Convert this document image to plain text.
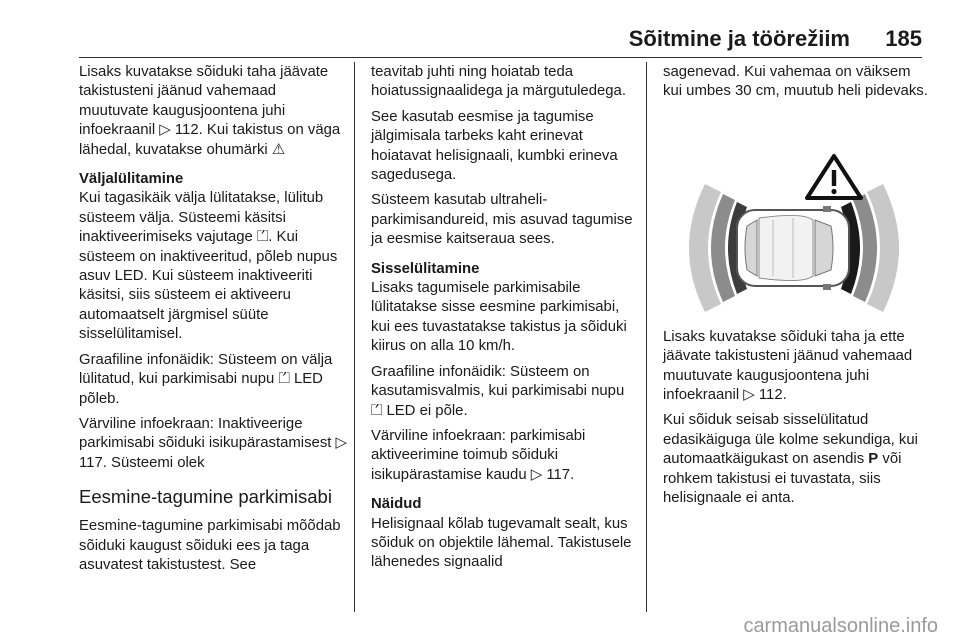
Sõitmine ja töörežiim 185

Lisaks kuvatakse sõiduki taha jäävate takistusteni jäänud vahemaad muutuvate kaugusjoontena juhi infoekraanil ▷ 112. Kui takistus on väga lähedal, kuvatakse ohumärki ⚠

Väljalülitamine

Kui tagasikäik välja lülitatakse, lülitub süsteem välja. Süsteemi käsitsi inaktiveerimiseks vajutage ⏍. Kui süsteem on inaktiveeritud, põleb nupus asuv LED. Kui süsteem inaktiveeriti käsitsi, siis süsteem ei aktiveeru automaatselt järgmisel süüte sisselülitamisel.

Graafiline infonäidik: Süsteem on välja lülitatud, kui parkimisabi nupu ⏍ LED põleb.

Värviline infoekraan: Inaktiveerige parkimisabi sõiduki isikupärastamisest ▷ 117. Süsteemi olek

Eesmine-tagumine parkimisabi

Eesmine-tagumine parkimisabi mõõdab sõiduki kaugust sõiduki ees ja taga asuvatest takistustest. See

teavitab juhti ning hoiatab teda hoiatussignaalidega ja märgutuledega.

See kasutab eesmise ja tagumise jälgimisala tarbeks kaht erinevat hoiatavat helisignaali, kumbki erineva sagedusega.

Süsteem kasutab ultraheli-parkimisandureid, mis asuvad tagumise ja eesmise kaitseraua sees.

Sisselülitamine

Lisaks tagumisele parkimisabile lülitatakse sisse eesmine parkimisabi, kui ees tuvastatakse takistus ja sõiduki kiirus on alla 10 km/h.

Graafiline infonäidik: Süsteem on kasutamisvalmis, kui parkimisabi nupu ⏍ LED ei põle.

Värviline infoekraan: parkimisabi aktiveerimine toimub sõiduki isikupärastamise kaudu ▷ 117.

Näidud

Helisignaal kõlab tugevamalt sealt, kus sõiduk on objektile lähemal. Takistusele lähenedes signaalid

sagenevad. Kui vahemaa on väiksem kui umbes 30 cm, muutub heli pidevaks.

Lisaks kuvatakse sõiduki taha ja ette jäävate takistusteni jäänud vahemaad muutuvate kaugusjoontena juhi infoekraanil ▷ 112.

Kui sõiduk seisab sisselülitatud edasikäiguga üle kolme sekundiga, kui automaatkäigukast on asendis P või rohkem takistusi ei tuvastata, siis helisignaale ei anta.

carmanualsonline.info
